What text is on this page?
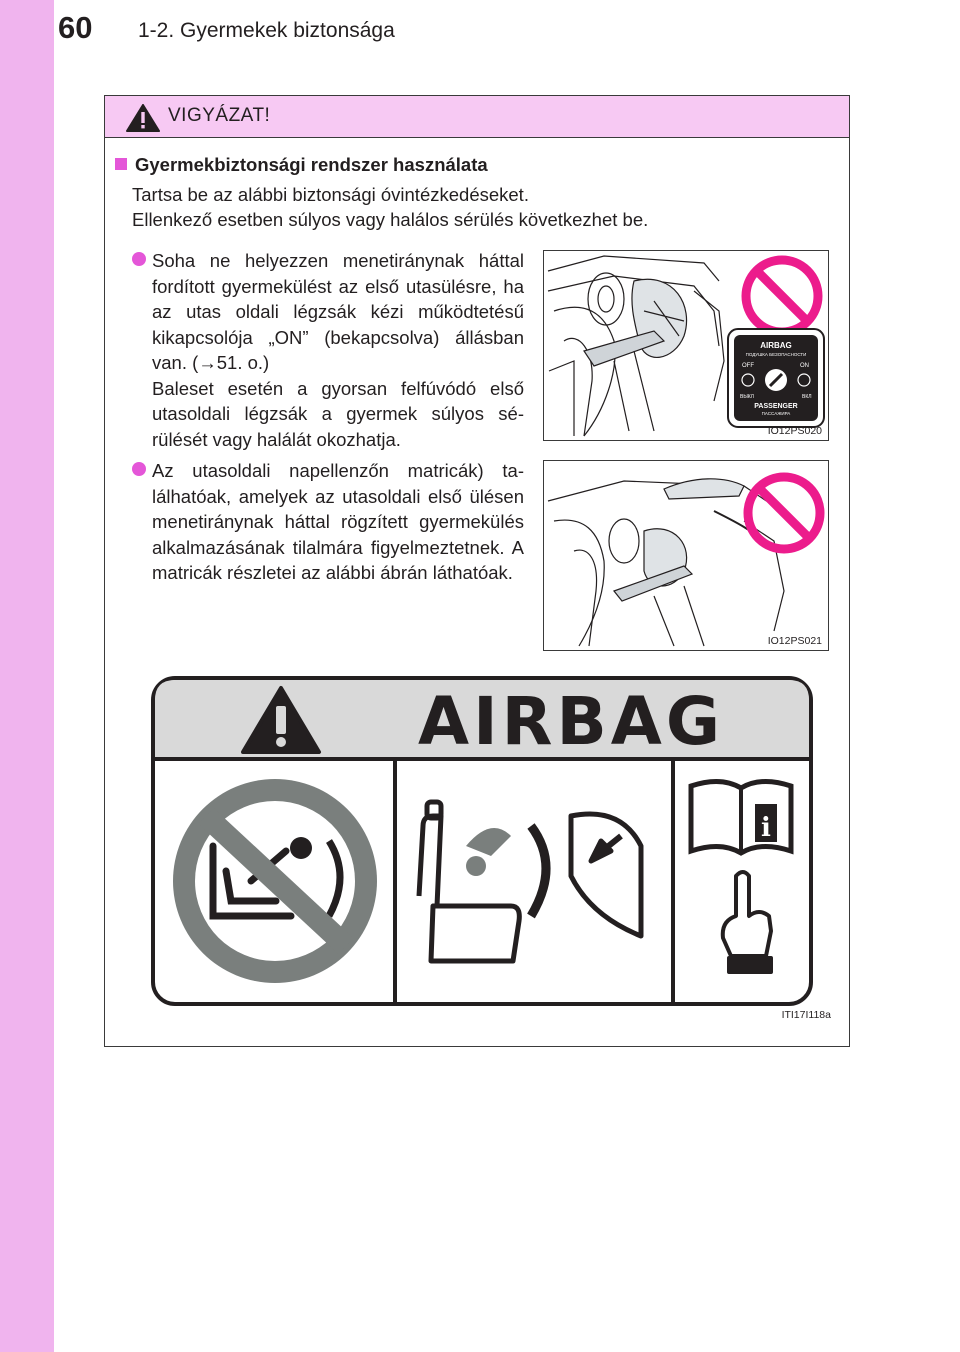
60 1-2. Gyermekek biztonsága
VIGYÁZAT!
Gyermekbiztonsági rendszer használata
Tartsa be az alábbi biztonsági óvintézkedéseket.
Ellenkező esetben súlyos vagy halálos sérülés következhet be.
Soha ne helyezzen menetiránynak háttal fordított gyermekülést az első utasülésre, ha az utas oldali légzsák kézi működtetésű kikapcsolója „ON” (bekapcsolva) állásban van. (→51. o.)
Baleset esetén a gyorsan felfúvódó első utasoldali légzsák a gyermek súlyos sérülését vagy halálát okozhatja.
AIRBAG
ПОДУШКА БЕЗОПАСНОСТИ
OFF	ON
ВЫКЛ	ВКЛ
PASSENGER
ПАССАЖИРА
IO12PS020
Az utasoldali napellenzőn matricák) találhatóak, amelyek az utasoldali első ülésen menetiránynak háttal rögzített gyermekülés alkalmazásának tilalmára figyelmeztetnek. A matricák részletei az alábbi ábrán láthatóak.
IO12PS021
AIRBAG
i
ITI17I118a
